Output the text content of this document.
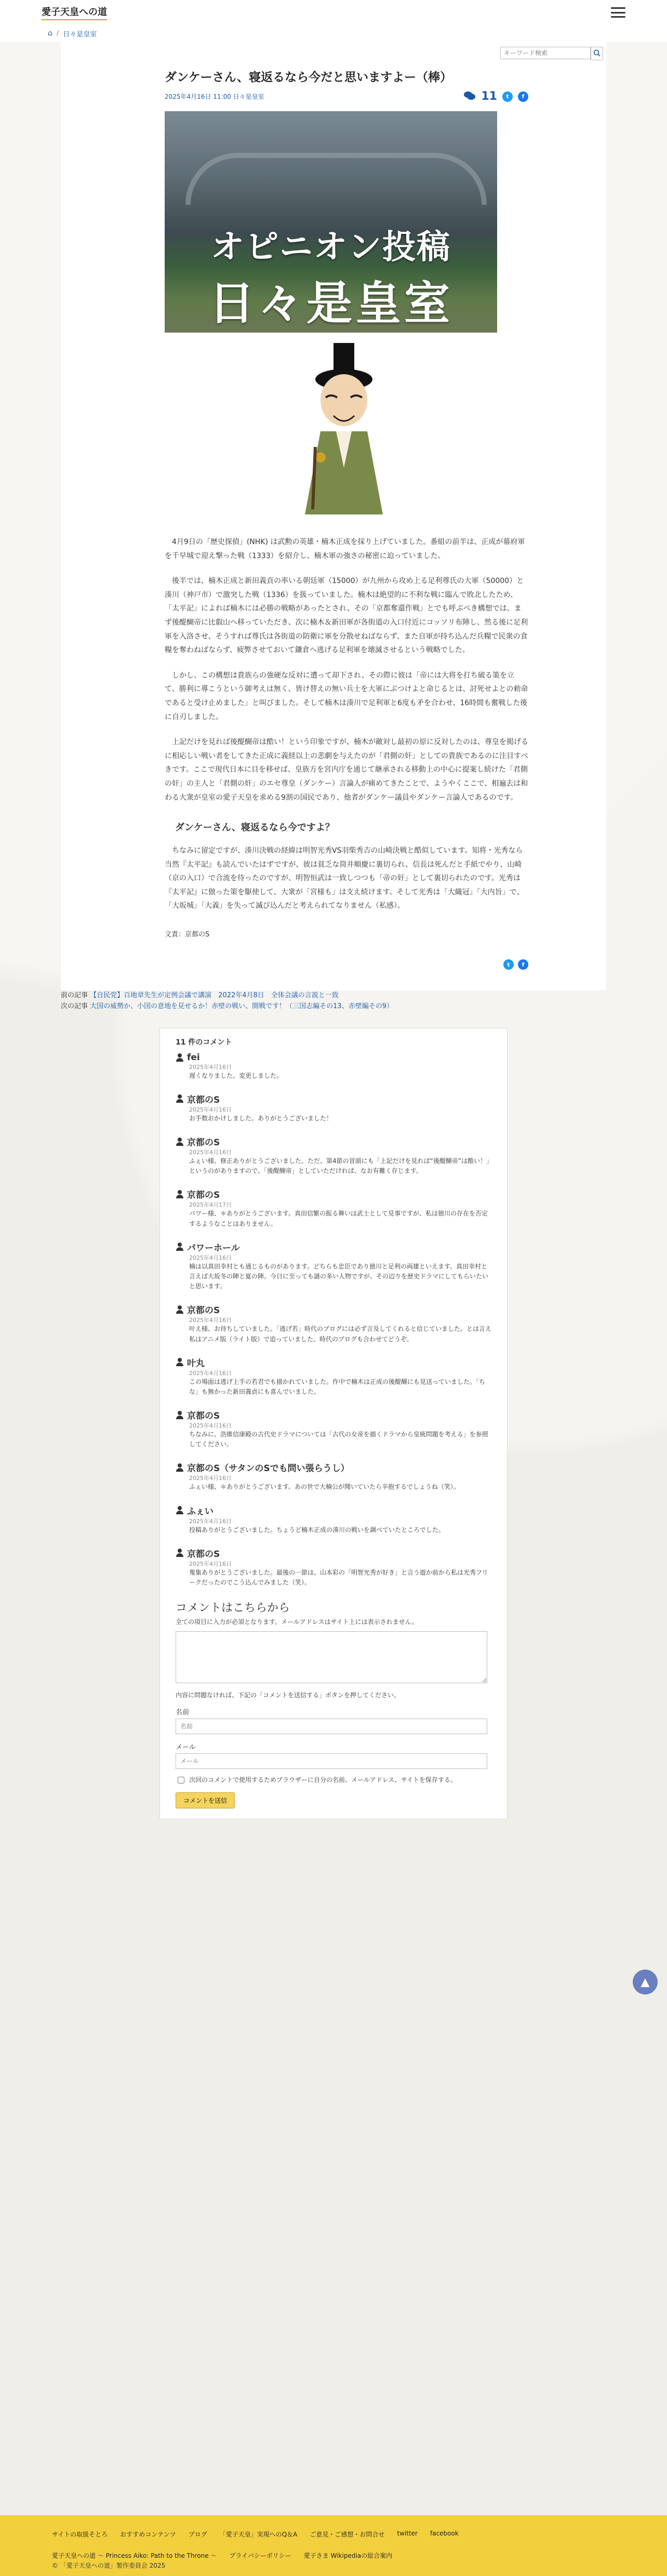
愛子天皇への道
⌂ / 日々是皇室
キーワード検索
ダンケーさん、寝返るなら今だと思いますよー（棒）
2025年4月16日 11:00 日々是皇室	11	t	f
オピニオン投稿
日々是皇室

4月9日の「歴史探偵」(NHK) は武勲の英雄・楠木正成を採り上げていました。番組の前半は、正成が幕府軍を千早城で迎え撃った戦（1333）を紹介し、楠木軍の強さの秘密に迫っていました。

後半では、楠木正成と新田義貞の率いる朝廷軍（15000）が九州から攻め上る足利尊氏の大軍（50000）と湊川（神戸市）で激突した戦（1336）を扱っていました。楠木は絶望的に不利な戦に臨んで敗北したため、「太平記」によれば楠木には必勝の戦略があったとされ、その「京都奪還作戦」とでも呼ぶべき構想では、まず後醍醐帝に比叡山へ移っていただき、次に楠木＆新田軍が各街道の入口付近にコッソリ布陣し、然る後に足利軍を入洛させ、そうすれば尊氏は各街道の防衛に軍を分散せねばならず、また自軍が持ち込んだ兵糧で民衆の食糧を奪わねばならず、疲弊させておいて鎌倉へ逃げる足利軍を壊滅させるという戦略でした。

しかし、この構想は貴族らの強硬な反対に遭って却下され、その際に彼は「帝には大将を打ち破る策を立て、勝利に導こうという御考えは無く、皆け替えの無い兵士を大軍にぶつけよと命じるとは、討死せよとの勅命であると受け止めました」と叫びました。そして楠木は湊川で足利軍と6度も矛を合わせ、16時間も奮戦した後に自刃しました。

上記だけを見れば後醍醐帝は酷い！という印象ですが、楠木が敵対し最初の原に反対したのは、尊皇を掲げるに相応しい戦い者をしてきた正成に義経以上の悲劇を与えたのが「君側の奸」としての貴族であるのに注目すべきです。ここで現代日本に目を移せば、皇族方を宮内庁を通じて継承される移動上の中心に提案し続けた「君側の奸」の主人と「君側の奸」のエセ尊皇（ダンケー）言論人が痛めてきたことで、ようやくここで、相遍去は和わる大衆が皇室の愛子天皇を求める9割の国民であり、他者がダンケー議員やダンケー言論人であるのです。

ダンケーさん、寝返るなら今ですよ？

ちなみに留定ですが、湊川決戦の経緯は明智光秀VS羽柴秀吉の山崎決戦と酷似しています。知将・光秀なら当然『太平記』も読んでいたはずですが、彼は貧乏な筒井順慶に裏切られ、信長は死んだと手紙でやり、山崎（京の入口）で合流を待ったのですが、明智恒武は一致しつつも「帝の奸」として裏切られたのです。光秀は『太平記』に倣った策を駆使して、大衆が「宮様も」は支え続けます。そして光秀は「大織冠」「大内旨」で、「大坂城」「大義」を失って滅び込んだと考えられてなりません（私感）。

文責：京都のS
t	f
前の記事 【自民党】百地章先生が定例会議で講演　2022年4月8日　全体会議の言説と一致
次の記事 大国の威勢か、小国の意地を見せるか！赤壁の戦い、開戦です！（三国志編その13、赤壁編その9）
11 件のコメント
fei
2025年4月16日
遅くなりました。変更しました。
京都のS
2025年4月16日
お手数おかけしました。ありがとうございました！
京都のS
2025年4月16日
ふぇい様、修正ありがとうございました。ただ、第4節の冒頭にも「上記だけを見れば“後醍醐帝”は酷い！」というのがありますので、「後醍醐帝」としていただければ、なお有難く存じます。
京都のS
2025年4月17日
パワー様、＊ありがとうございます。真田信繁の振る舞いは武士として見事ですが、私は徳川の存在を否定するようなことはありません。
パワーホール
2025年4月16日
楠は以真田幸村とも通じるものがあります。どちらも忠臣であり徳川と足利の両雄といえます。真田幸村と言えば大坂冬の陣と夏の陣。今日に至っても謎の多い人物ですが、その辺りを歴史ドラマにしてもらいたいと思います。
京都のS
2025年4月16日
叶え様、お待ちしていました。「逃げ若」時代のブログには必ず言及してくれると信じていました。とは言え私はアニメ版（ライト版）で追っていました。時代のブログも合わせてどうぞ。
叶丸
2025年4月16日
この場面は逃げ上手の若君でも描かれていました。作中で楠木は正成の後醍醐にも見送っていました。「ちな」も無かった新田義貞にも喜んでいました。
京都のS
2025年4月16日
ちなみに、浩維信康殿の古代史ドラマについては「古代の女帝を描くドラマから皇統問題を考える」を参照してください。
京都のS（サタンのSでも問い張らうし）
2025年4月16日
ふぇい様、＊ありがとうございます。あの世で大楠公が聞いていたら辛抱するでしょうね（笑）。
ふぇい
2025年4月16日
投稿ありがとうございました。ちょうど楠木正成の湊川の戦いを調べていたところでした。
京都のS
2025年4月16日
蒐集ありがとうございました。最後の一節は、山本彩の「明智光秀が好き」と言う遊か前から私は光秀フリークだったのでこう込んでみました（笑）。
コメントはこちらから
全ての項目に入力が必須となります。メールアドレスはサイト上には表示されません。
内容に問題なければ、下記の「コメントを送信する」ボタンを押してください。
名前
名前
メール
メール
次回のコメントで使用するためブラウザーに自分の名前、メールアドレス、サイトを保存する。
コメントを送信
▲
サイトの取扱そとろ おすすめコンテンツ ブログ 「愛子天皇」実現へのQ＆A ご意見・ご感想・お問合せ twitter facebook
愛子天皇への道 ～ Princess Aiko: Path to the Throne ～ プライバシーポリシー 愛子さま Wikipediaの総合案内
© 「愛子天皇への道」製作委員会 2025
